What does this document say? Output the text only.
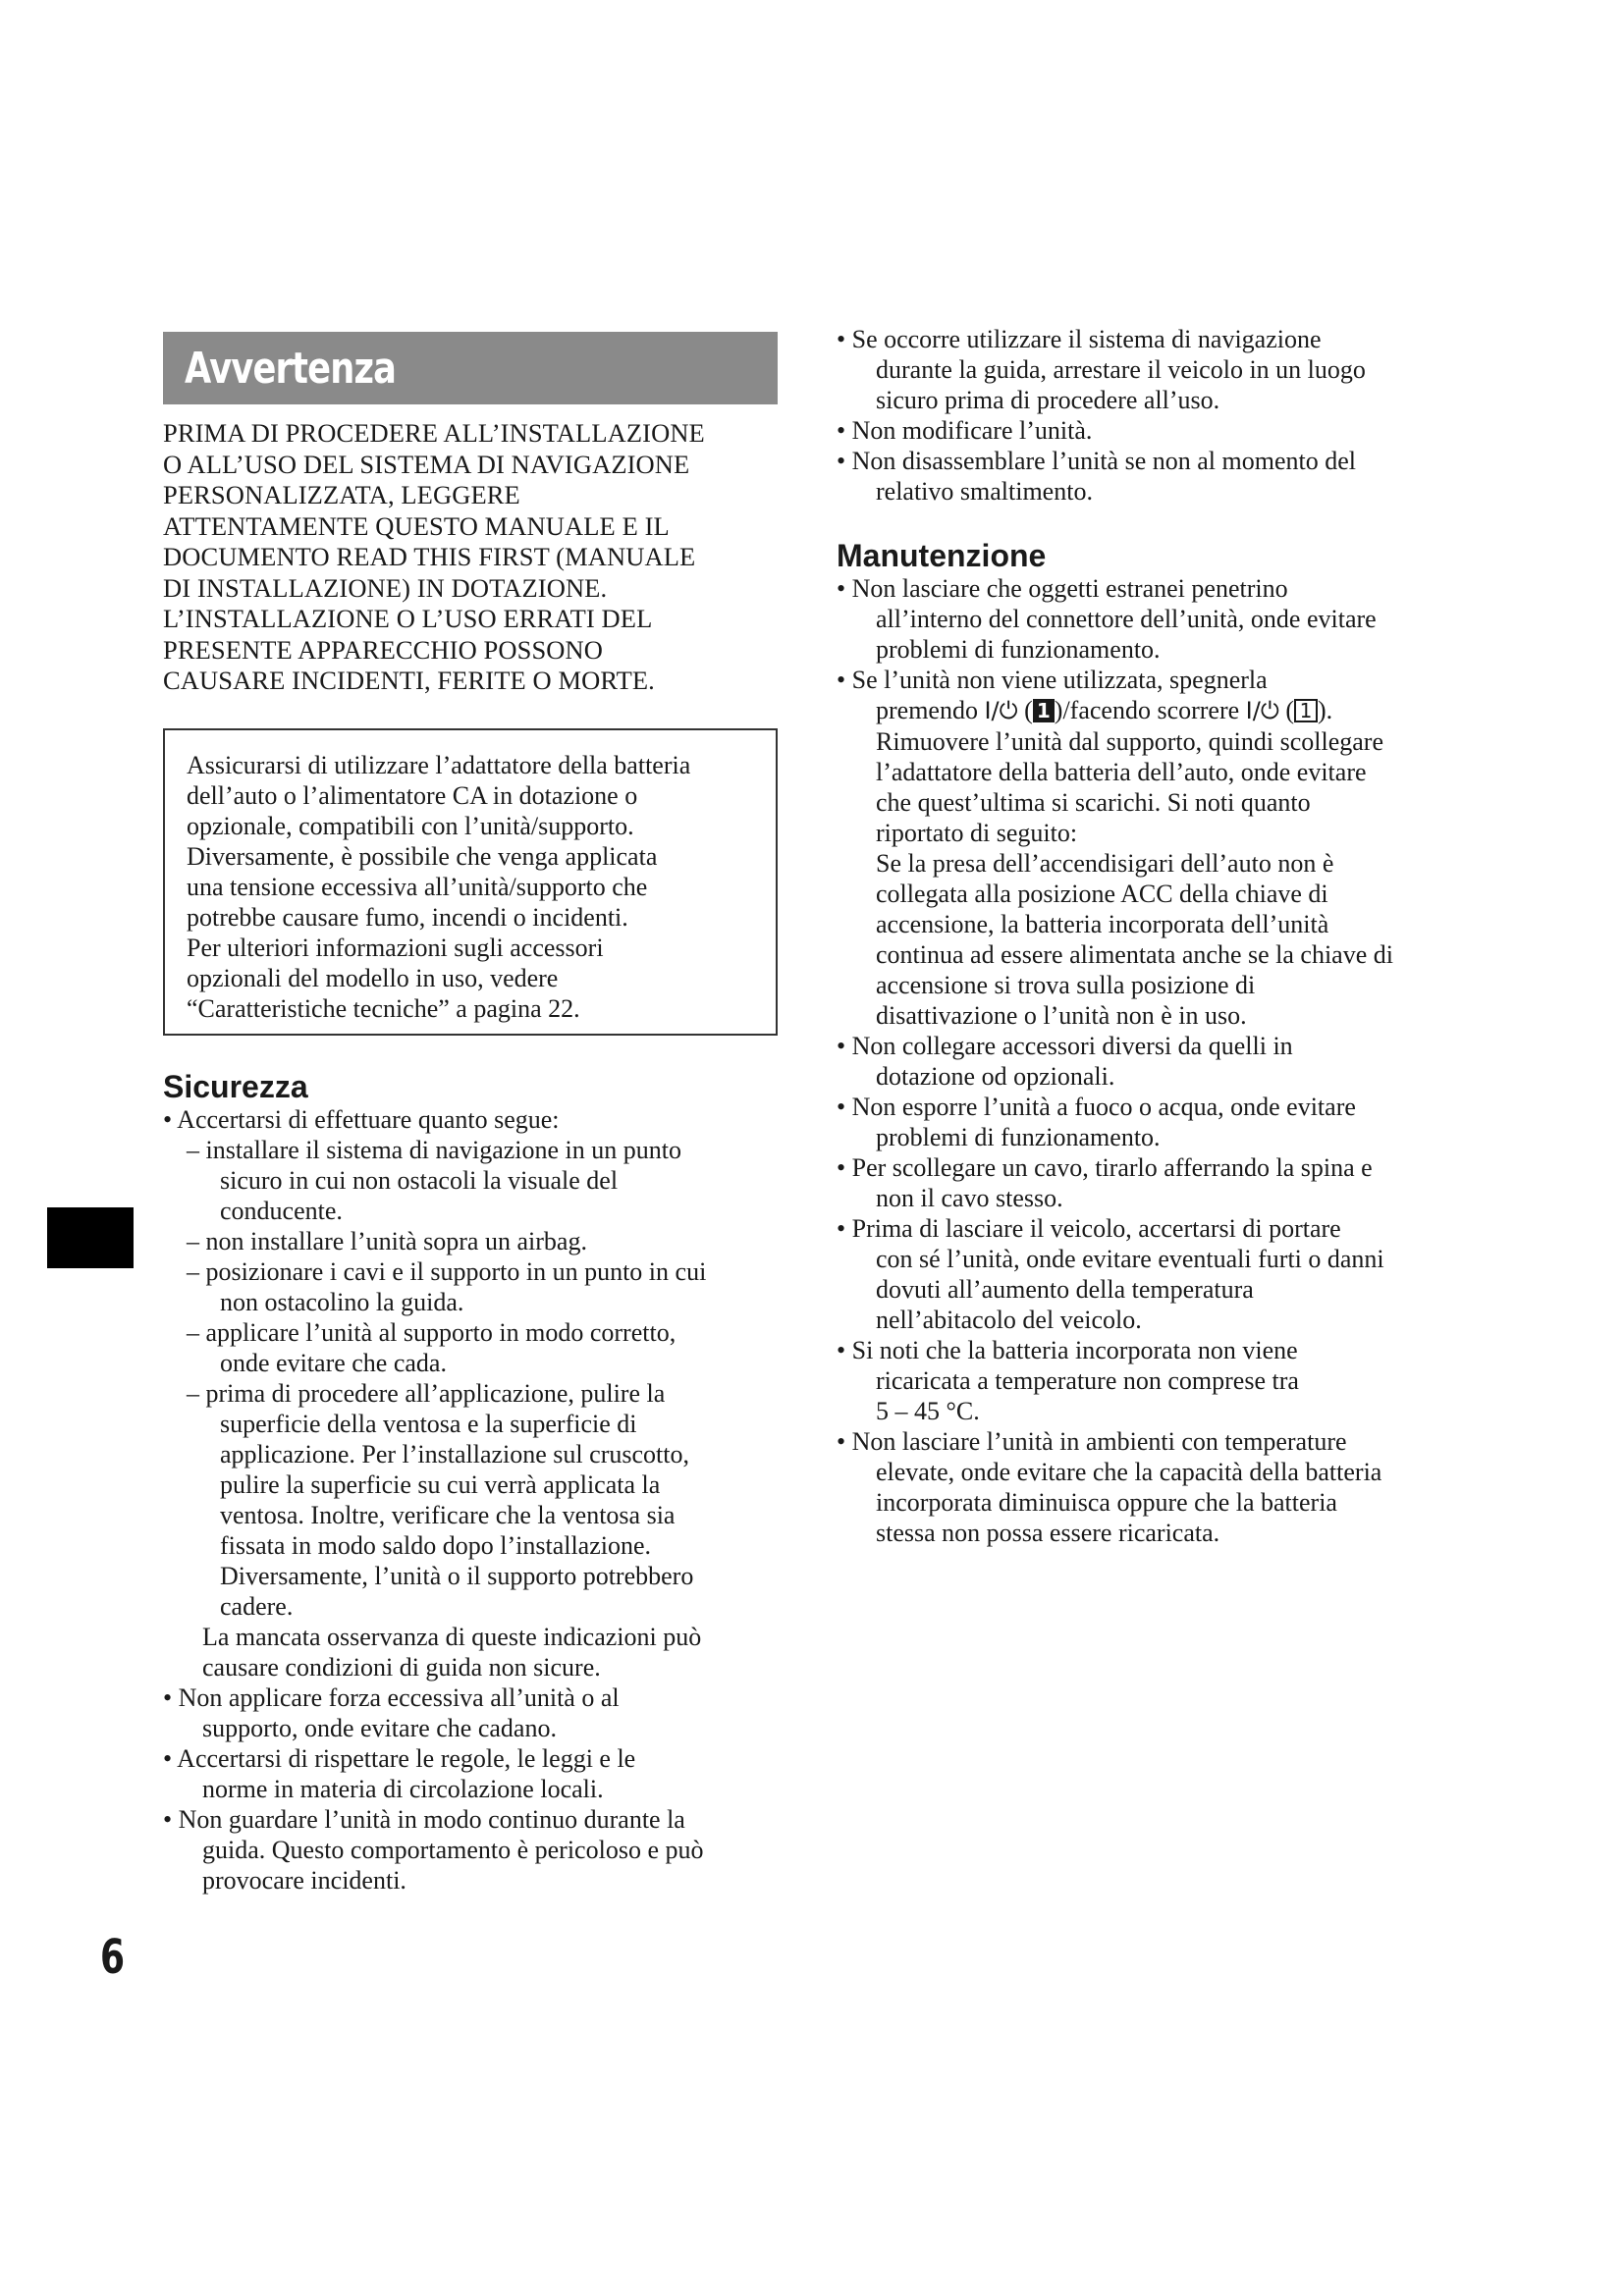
Avvertenza
PRIMA DI PROCEDERE ALL’INSTALLAZIONE
O ALL’USO DEL SISTEMA DI NAVIGAZIONE
PERSONALIZZATA, LEGGERE
ATTENTAMENTE QUESTO MANUALE E IL
DOCUMENTO READ THIS FIRST (MANUALE
DI INSTALLAZIONE) IN DOTAZIONE.
L’INSTALLAZIONE O L’USO ERRATI DEL
PRESENTE APPARECCHIO POSSONO
CAUSARE INCIDENTI, FERITE O MORTE.
Assicurarsi di utilizzare l’adattatore della batteria
dell’auto o l’alimentatore CA in dotazione o
opzionale, compatibili con l’unità/supporto.
Diversamente, è possibile che venga applicata
una tensione eccessiva all’unità/supporto che
potrebbe causare fumo, incendi o incidenti.
Per ulteriori informazioni sugli accessori
opzionali del modello in uso, vedere
“Caratteristiche tecniche” a pagina 22.
Sicurezza
• Accertarsi di effettuare quanto segue:
– installare il sistema di navigazione in un punto
sicuro in cui non ostacoli la visuale del
conducente.
– non installare l’unità sopra un airbag.
– posizionare i cavi e il supporto in un punto in cui
non ostacolino la guida.
– applicare l’unità al supporto in modo corretto,
onde evitare che cada.
– prima di procedere all’applicazione, pulire la
superficie della ventosa e la superficie di
applicazione. Per l’installazione sul cruscotto,
pulire la superficie su cui verrà applicata la
ventosa. Inoltre, verificare che la ventosa sia
fissata in modo saldo dopo l’installazione.
Diversamente, l’unità o il supporto potrebbero
cadere.
La mancata osservanza di queste indicazioni può
causare condizioni di guida non sicure.
• Non applicare forza eccessiva all’unità o al
supporto, onde evitare che cadano.
• Accertarsi di rispettare le regole, le leggi e le
norme in materia di circolazione locali.
• Non guardare l’unità in modo continuo durante la
guida. Questo comportamento è pericoloso e può
provocare incidenti.
• Se occorre utilizzare il sistema di navigazione
durante la guida, arrestare il veicolo in un luogo
sicuro prima di procedere all’uso.
• Non modificare l’unità.
• Non disassemblare l’unità se non al momento del
relativo smaltimento.
Manutenzione
• Non lasciare che oggetti estranei penetrino
all’interno del connettore dell’unità, onde evitare
problemi di funzionamento.
• Se l’unità non viene utilizzata, spegnerla
premendo I/⏻ ( 1 )/facendo scorrere I/⏻ ( 1 ).
Rimuovere l’unità dal supporto, quindi scollegare
l’adattatore della batteria dell’auto, onde evitare
che quest’ultima si scarichi. Si noti quanto
riportato di seguito:
Se la presa dell’accendisigari dell’auto non è
collegata alla posizione ACC della chiave di
accensione, la batteria incorporata dell’unità
continua ad essere alimentata anche se la chiave di
accensione si trova sulla posizione di
disattivazione o l’unità non è in uso.
• Non collegare accessori diversi da quelli in
dotazione od opzionali.
• Non esporre l’unità a fuoco o acqua, onde evitare
problemi di funzionamento.
• Per scollegare un cavo, tirarlo afferrando la spina e
non il cavo stesso.
• Prima di lasciare il veicolo, accertarsi di portare
con sé l’unità, onde evitare eventuali furti o danni
dovuti all’aumento della temperatura
nell’abitacolo del veicolo.
• Si noti che la batteria incorporata non viene
ricaricata a temperature non comprese tra
5 – 45 °C.
• Non lasciare l’unità in ambienti con temperature
elevate, onde evitare che la capacità della batteria
incorporata diminuisca oppure che la batteria
stessa non possa essere ricaricata.
6
